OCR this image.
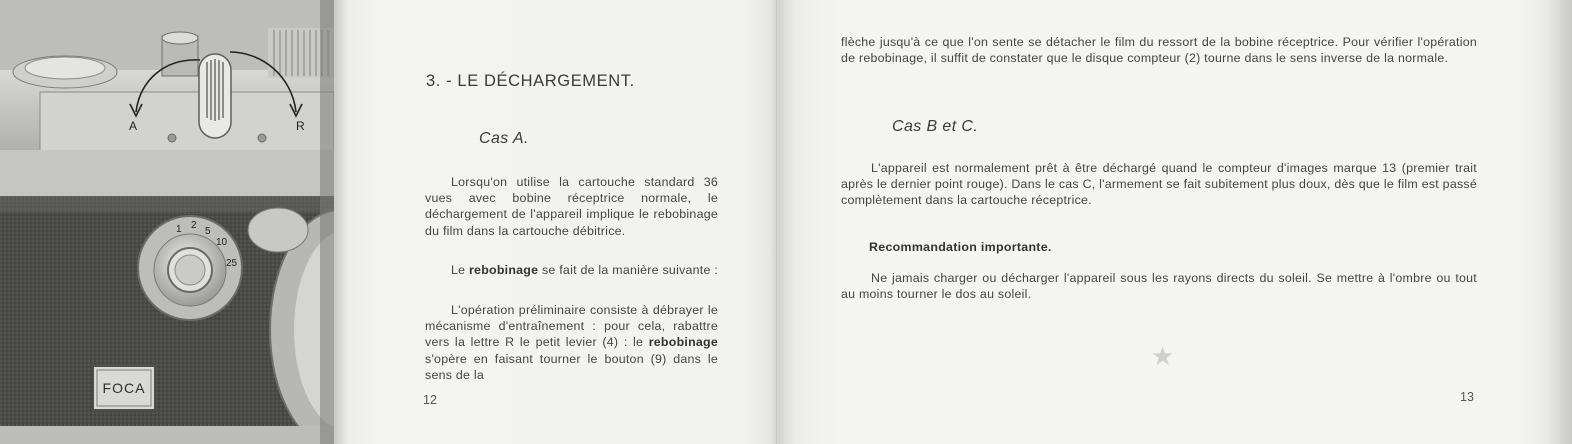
A	R
1 2
5
10
25
FOCA
3. - LE DÉCHARGEMENT.
Cas A.

Lorsqu'on utilise la cartouche standard 36 vues avec bobine réceptrice normale, le déchargement de l'appareil implique le rebobinage du film dans la cartouche débitrice.

Le rebobinage se fait de la manière suivante :

L'opération préliminaire consiste à débrayer le mécanisme d'entraînement : pour cela, rabattre vers la lettre R le petit levier (4) : le rebobinage s'opère en faisant tourner le bouton (9) dans le sens de la

12

flèche jusqu'à ce que l'on sente se détacher le film du ressort de la bobine réceptrice. Pour vérifier l'opération de rebobinage, il suffit de constater que le disque compteur (2) tourne dans le sens inverse de la normale.

Cas B et C.

L'appareil est normalement prêt à être déchargé quand le compteur d'images marque 13 (premier trait après le dernier point rouge). Dans le cas C, l'armement se fait subitement plus doux, dès que le film est passé complètement dans la cartouche réceptrice.

Recommandation importante.

Ne jamais charger ou décharger l'appareil sous les rayons directs du soleil. Se mettre à l'ombre ou tout au moins tourner le dos au soleil.

★
13
